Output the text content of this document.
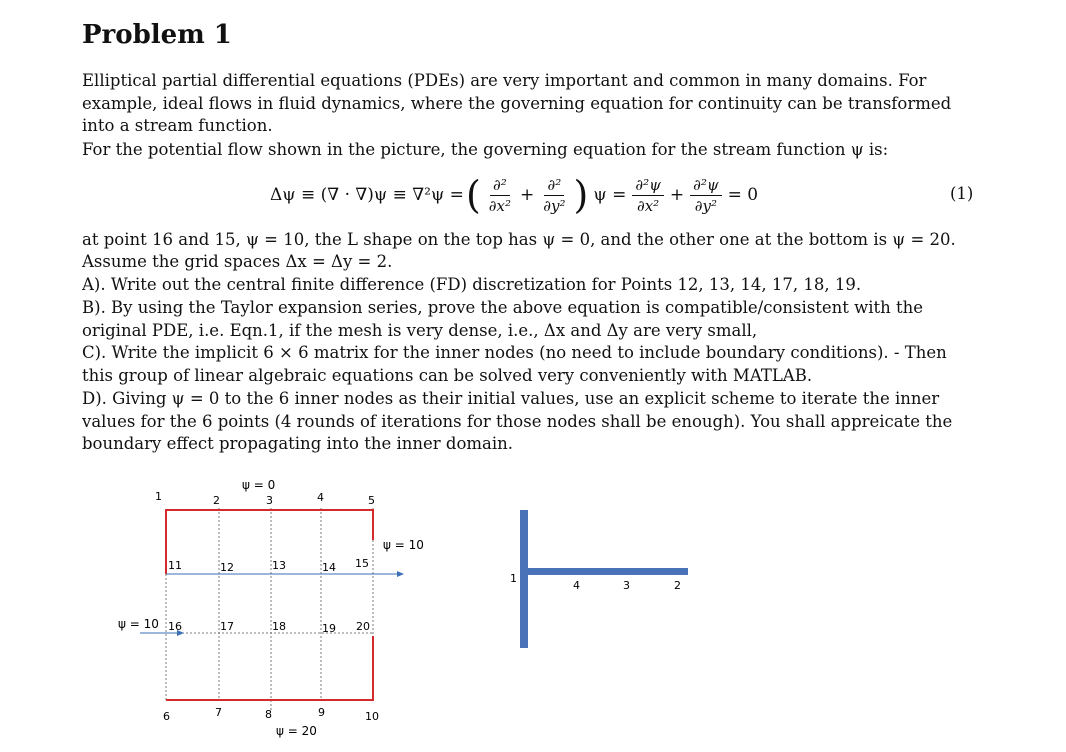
Problem 1
Elliptical partial differential equations (PDEs) are very important and common in many domains. For example, ideal flows in fluid dynamics, where the governing equation for continuity can be transformed into a stream function.
For the potential flow shown in the picture, the governing equation for the stream function ψ is:
Δψ ≡ (∇ · ∇)ψ ≡ ∇²ψ = ( $\frac{\text{∂²}}{\text{∂x²}} + \frac{\text{∂²}}{\text{∂y²}}$ ) $\psi = \frac{\text{∂²ψ}}{\text{∂x²}} + \frac{\text{∂²ψ}}{\text{∂y²}} = 0$	(1)
at point 16 and 15, ψ = 10, the L shape on the top has ψ = 0, and the other one at the bottom is ψ = 20.
Assume the grid spaces Δx = Δy = 2.
A). Write out the central finite difference (FD) discretization for Points 12, 13, 14, 17, 18, 19.
B). By using the Taylor expansion series, prove the above equation is compatible/consistent with the original PDE, i.e. Eqn.1, if the mesh is very dense, i.e., Δx and Δy are very small,
C). Write the implicit 6 × 6 matrix for the inner nodes (no need to include boundary conditions). - Then this group of linear algebraic equations can be solved very conveniently with MATLAB.
D). Giving ψ = 0 to the 6 inner nodes as their initial values, use an explicit scheme to iterate the inner values for the 6 points (4 rounds of iterations for those nodes shall be enough). You shall appreicate the boundary effect propagating into the inner domain.
ψ = 0
ψ = 10
ψ = 10
ψ = 20
1	2	3	4	5
11	12	13	14 15
16	17	18	19 20
6	7	8	9	10
1
4	3	2
